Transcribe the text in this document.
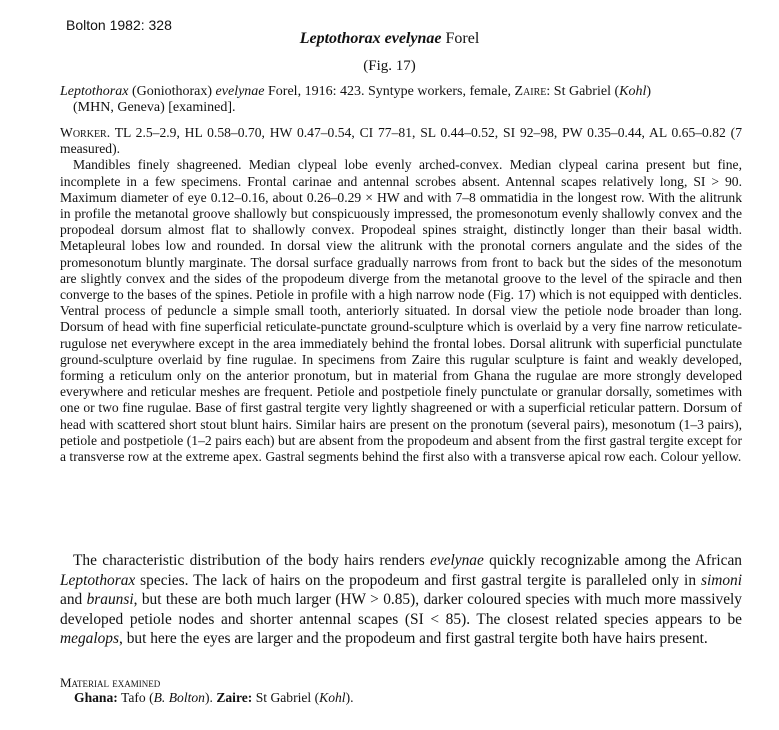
Bolton 1982: 328
Leptothorax evelynae Forel
(Fig. 17)
Leptothorax (Goniothorax) evelynae Forel, 1916: 423. Syntype workers, female, Zaire: St Gabriel (Kohl)
(MHN, Geneva) [examined].

Worker. TL 2.5–2.9, HL 0.58–0.70, HW 0.47–0.54, CI 77–81, SL 0.44–0.52, SI 92–98, PW 0.35–0.44, AL 0.65–0.82 (7 measured).

Mandibles finely shagreened. Median clypeal lobe evenly arched-convex. Median clypeal carina present but fine, incomplete in a few specimens. Frontal carinae and antennal scrobes absent. Antennal scapes relatively long, SI > 90. Maximum diameter of eye 0.12–0.16, about 0.26–0.29 × HW and with 7–8 ommatidia in the longest row. With the alitrunk in profile the metanotal groove shallowly but conspicuously impressed, the promesonotum evenly shallowly convex and the propodeal dorsum almost flat to shallowly convex. Propodeal spines straight, distinctly longer than their basal width. Metapleural lobes low and rounded. In dorsal view the alitrunk with the pronotal corners angulate and the sides of the promesonotum bluntly marginate. The dorsal surface gradually narrows from front to back but the sides of the mesonotum are slightly convex and the sides of the propodeum diverge from the metanotal groove to the level of the spiracle and then converge to the bases of the spines. Petiole in profile with a high narrow node (Fig. 17) which is not equipped with denticles. Ventral process of peduncle a simple small tooth, anteriorly situated. In dorsal view the petiole node broader than long. Dorsum of head with fine superficial reticulate-punctate ground-sculpture which is overlaid by a very fine narrow reticulate-rugulose net everywhere except in the area immediately behind the frontal lobes. Dorsal alitrunk with superficial punctulate ground-sculpture overlaid by fine rugulae. In specimens from Zaire this rugular sculpture is faint and weakly developed, forming a reticulum only on the anterior pronotum, but in material from Ghana the rugulae are more strongly developed everywhere and reticular meshes are frequent. Petiole and postpetiole finely punctulate or granular dorsally, sometimes with one or two fine rugulae. Base of first gastral tergite very lightly shagreened or with a superficial reticular pattern. Dorsum of head with scattered short stout blunt hairs. Similar hairs are present on the pronotum (several pairs), mesonotum (1–3 pairs), petiole and postpetiole (1–2 pairs each) but are absent from the propodeum and absent from the first gastral tergite except for a transverse row at the extreme apex. Gastral segments behind the first also with a transverse apical row each. Colour yellow.

The characteristic distribution of the body hairs renders evelynae quickly recognizable among the African Leptothorax species. The lack of hairs on the propodeum and first gastral tergite is paralleled only in simoni and braunsi, but these are both much larger (HW > 0.85), darker coloured species with much more massively developed petiole nodes and shorter antennal scapes (SI < 85). The closest related species appears to be megalops, but here the eyes are larger and the propodeum and first gastral tergite both have hairs present.

Material examined
Ghana: Tafo (B. Bolton). Zaire: St Gabriel (Kohl).
